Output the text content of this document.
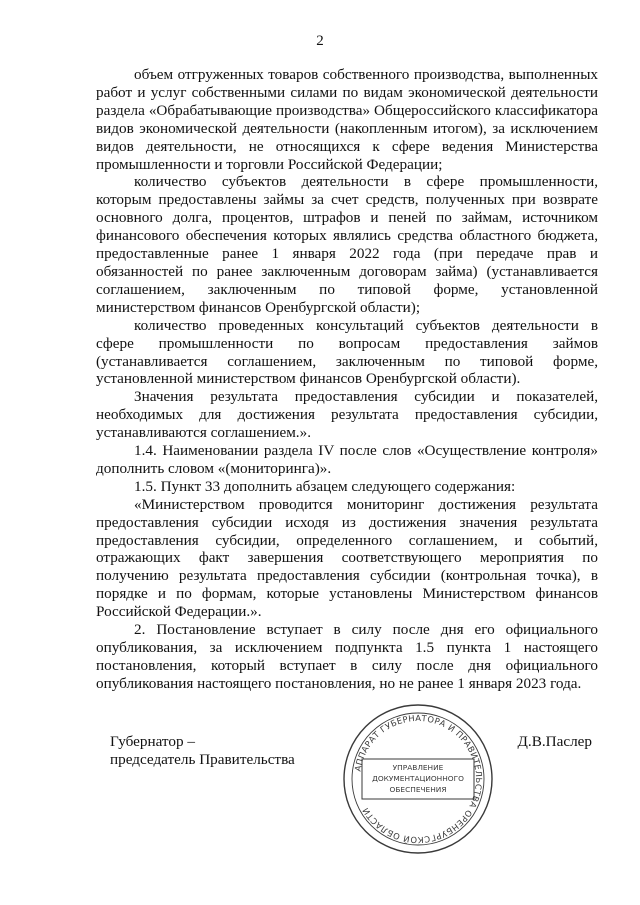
2

объем отгруженных товаров собственного производства, выполненных работ и услуг собственными силами по видам экономической деятельности раздела «Обрабатывающие производства» Общероссийского классификатора видов экономической деятельности (накопленным итогом), за исключением видов деятельности, не относящихся к сфере ведения Министерства промышленности и торговли Российской Федерации;

количество субъектов деятельности в сфере промышленности, которым предоставлены займы за счет средств, полученных при возврате основного долга, процентов, штрафов и пеней по займам, источником финансового обеспечения которых являлись средства областного бюджета, предоставленные ранее 1 января 2022 года (при передаче прав и обязанностей по ранее заключенным договорам займа) (устанавливается соглашением, заключенным по типовой форме, установленной министерством финансов Оренбургской области);

количество проведенных консультаций субъектов деятельности в сфере промышленности по вопросам предоставления займов (устанавливается соглашением, заключенным по типовой форме, установленной министерством финансов Оренбургской области).

Значения результата предоставления субсидии и показателей, необходимых для достижения результата предоставления субсидии, устанавливаются соглашением.».

1.4. Наименовании раздела IV после слов «Осуществление контроля» дополнить словом «(мониторинга)».

1.5. Пункт 33 дополнить абзацем следующего содержания:

«Министерством проводится мониторинг достижения результата предоставления субсидии исходя из достижения значения результата предоставления субсидии, определенного соглашением, и событий, отражающих факт завершения соответствующего мероприятия по получению результата предоставления субсидии (контрольная точка), в порядке и по формам, которые установлены Министерством финансов Российской Федерации.».

2. Постановление вступает в силу после дня его официального опубликования, за исключением подпункта 1.5 пункта 1 настоящего постановления, который вступает в силу после дня официального опубликования настоящего постановления, но не ранее 1 января 2023 года.

Губернатор –
председатель Правительства
АППАРАТ ГУБЕРНАТОРА И ПРАВИТЕЛЬСТВА ОРЕНБУРГСКОЙ ОБЛАСТИ
УПРАВЛЕНИЕ
ДОКУМЕНТАЦИОННОГО
ОБЕСПЕЧЕНИЯ
Д.В.Паслер
